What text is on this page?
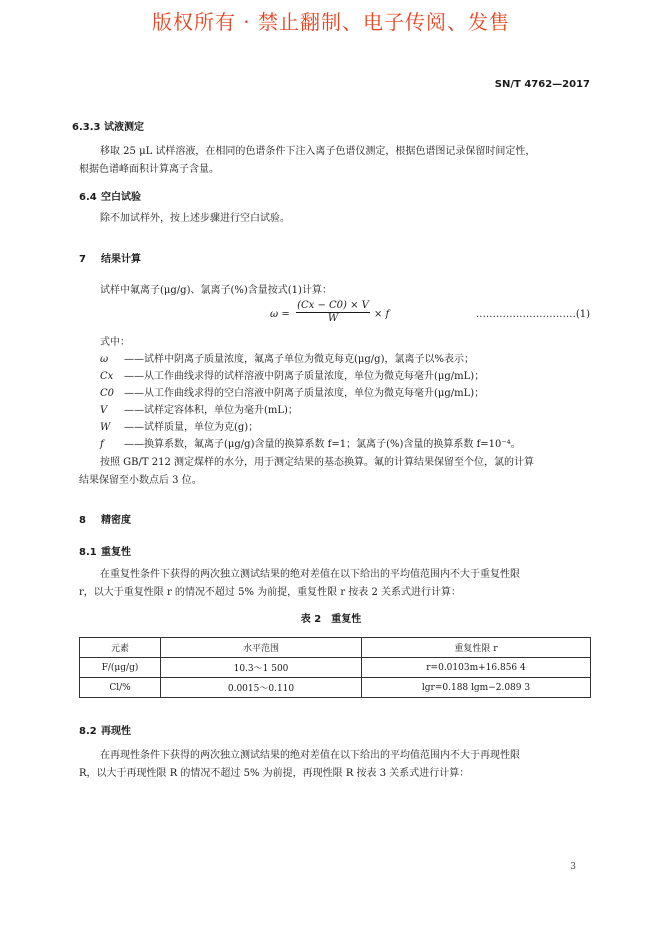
版权所有 · 禁止翻制、电子传阅、发售
SN/T 4762—2017
6.3.3 试液测定
移取 25 μL 试样溶液，在相同的色谱条件下注入离子色谱仪测定，根据色谱图记录保留时间定性，
根据色谱峰面积计算离子含量。
6.4 空白试验
除不加试样外，按上述步骤进行空白试验。
7 结果计算
试样中氟离子(μg/g)、氯离子(%)含量按式(1)计算：
$\omega = \frac{(Cx - C0) \times V}{W} \times f$	…………………………(1)
式中：
ω ——试样中阴离子质量浓度，氟离子单位为微克每克(μg/g)，氯离子以%表示；
Cx ——从工作曲线求得的试样溶液中阴离子质量浓度，单位为微克每毫升(μg/mL)；
C0 ——从工作曲线求得的空白溶液中阴离子质量浓度，单位为微克每毫升(μg/mL)；
V ——试样定容体积，单位为毫升(mL)；
W ——试样质量，单位为克(g)；
f ——换算系数，氟离子(μg/g)含量的换算系数 f=1；氯离子(%)含量的换算系数 f=10⁻⁴。
按照 GB/T 212 测定煤样的水分，用于测定结果的基态换算。氟的计算结果保留至个位，氯的计算
结果保留至小数点后 3 位。
8 精密度
8.1 重复性
在重复性条件下获得的两次独立测试结果的绝对差值在以下给出的平均值范围内不大于重复性限
r，以大于重复性限 r 的情况不超过 5% 为前提，重复性限 r 按表 2 关系式进行计算：
表 2　重复性
元素	水平范围	重复性限 r
F/(μg/g)	10.3～1 500	r=0.0103m+16.856 4
Cl/%	0.0015～0.110	lgr=0.188 lgm−2.089 3
8.2 再现性
在再现性条件下获得的两次独立测试结果的绝对差值在以下给出的平均值范围内不大于再现性限
R，以大于再现性限 R 的情况不超过 5% 为前提，再现性限 R 按表 3 关系式进行计算：
3
